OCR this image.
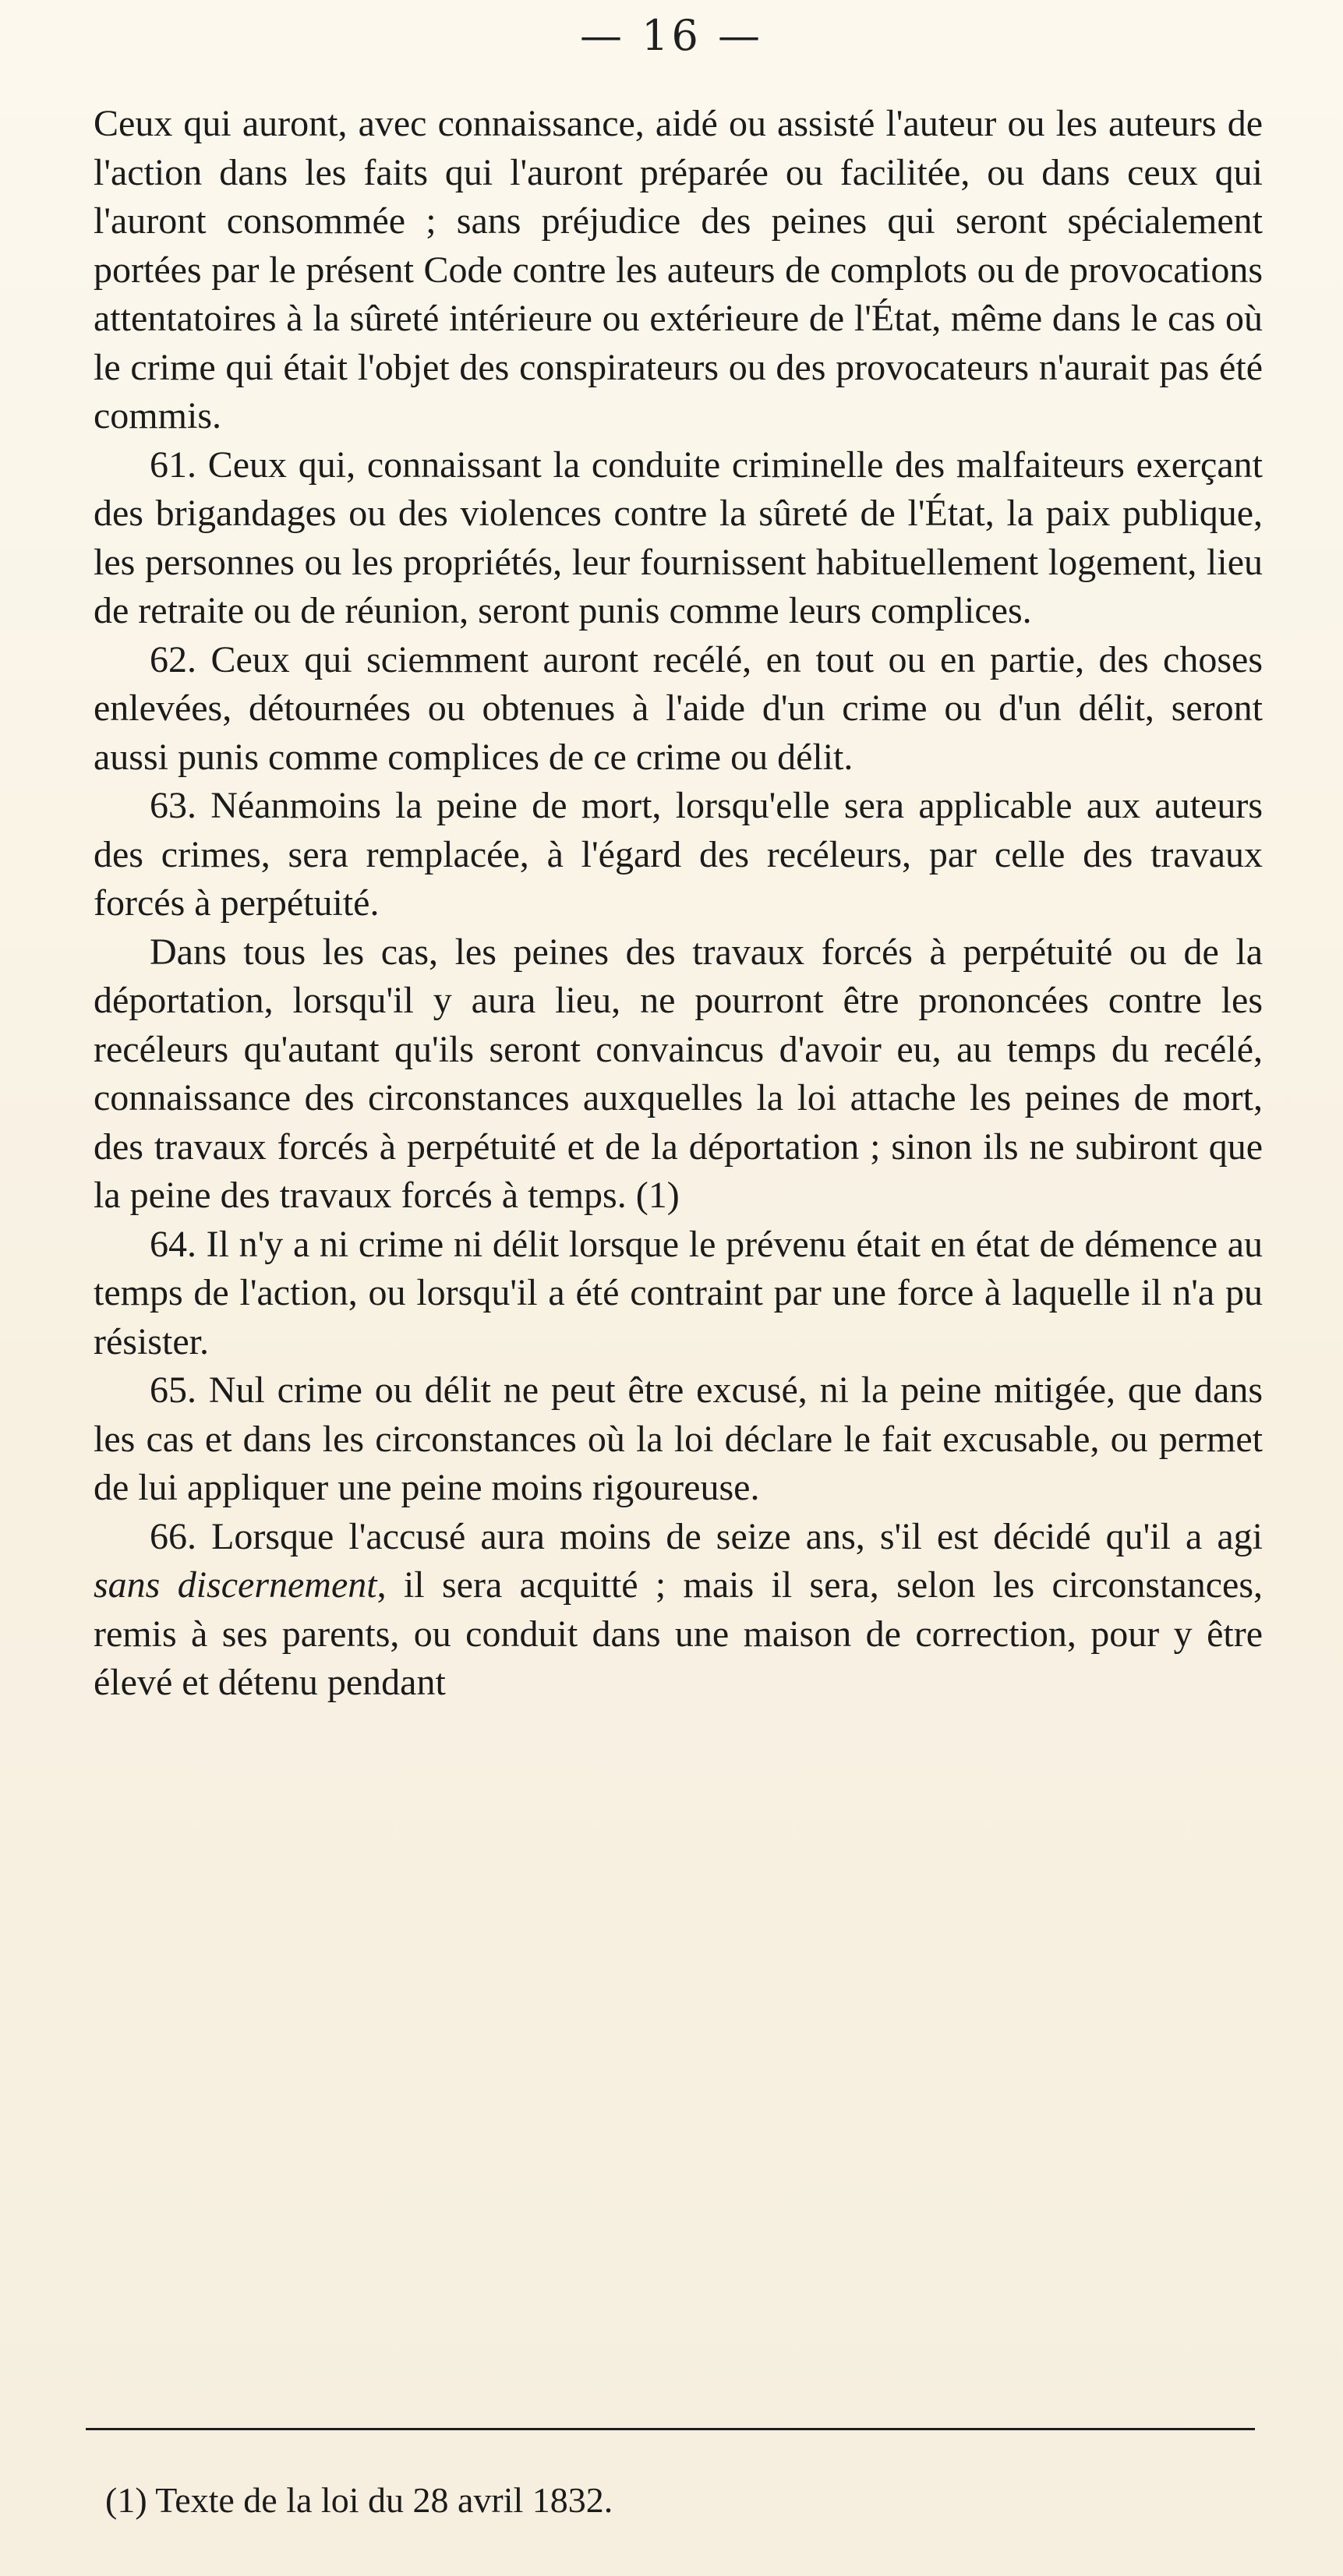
— 16 —

Ceux qui auront, avec connaissance, aidé ou assisté l'auteur ou les auteurs de l'action dans les faits qui l'auront préparée ou facilitée, ou dans ceux qui l'auront consommée ; sans préjudice des peines qui seront spécialement portées par le présent Code contre les auteurs de complots ou de provocations attentatoires à la sûreté intérieure ou extérieure de l'État, même dans le cas où le crime qui était l'objet des conspirateurs ou des provocateurs n'aurait pas été commis.

61. Ceux qui, connaissant la conduite criminelle des malfaiteurs exerçant des brigandages ou des violences contre la sûreté de l'État, la paix publique, les personnes ou les propriétés, leur fournissent habituellement logement, lieu de retraite ou de réunion, seront punis comme leurs complices.

62. Ceux qui sciemment auront recélé, en tout ou en partie, des choses enlevées, détournées ou obtenues à l'aide d'un crime ou d'un délit, seront aussi punis comme complices de ce crime ou délit.

63. Néanmoins la peine de mort, lorsqu'elle sera applicable aux auteurs des crimes, sera remplacée, à l'égard des recéleurs, par celle des travaux forcés à perpétuité.

Dans tous les cas, les peines des travaux forcés à perpétuité ou de la déportation, lorsqu'il y aura lieu, ne pourront être prononcées contre les recéleurs qu'autant qu'ils seront convaincus d'avoir eu, au temps du recélé, connaissance des circonstances auxquelles la loi attache les peines de mort, des travaux forcés à perpétuité et de la déportation ; sinon ils ne subiront que la peine des travaux forcés à temps. (1)

64. Il n'y a ni crime ni délit lorsque le prévenu était en état de démence au temps de l'action, ou lorsqu'il a été contraint par une force à laquelle il n'a pu résister.

65. Nul crime ou délit ne peut être excusé, ni la peine mitigée, que dans les cas et dans les circonstances où la loi déclare le fait excusable, ou permet de lui appliquer une peine moins rigoureuse.

66. Lorsque l'accusé aura moins de seize ans, s'il est décidé qu'il a agi sans discernement, il sera acquitté ; mais il sera, selon les circonstances, remis à ses parents, ou conduit dans une maison de correction, pour y être élevé et détenu pendant

(1) Texte de la loi du 28 avril 1832.
